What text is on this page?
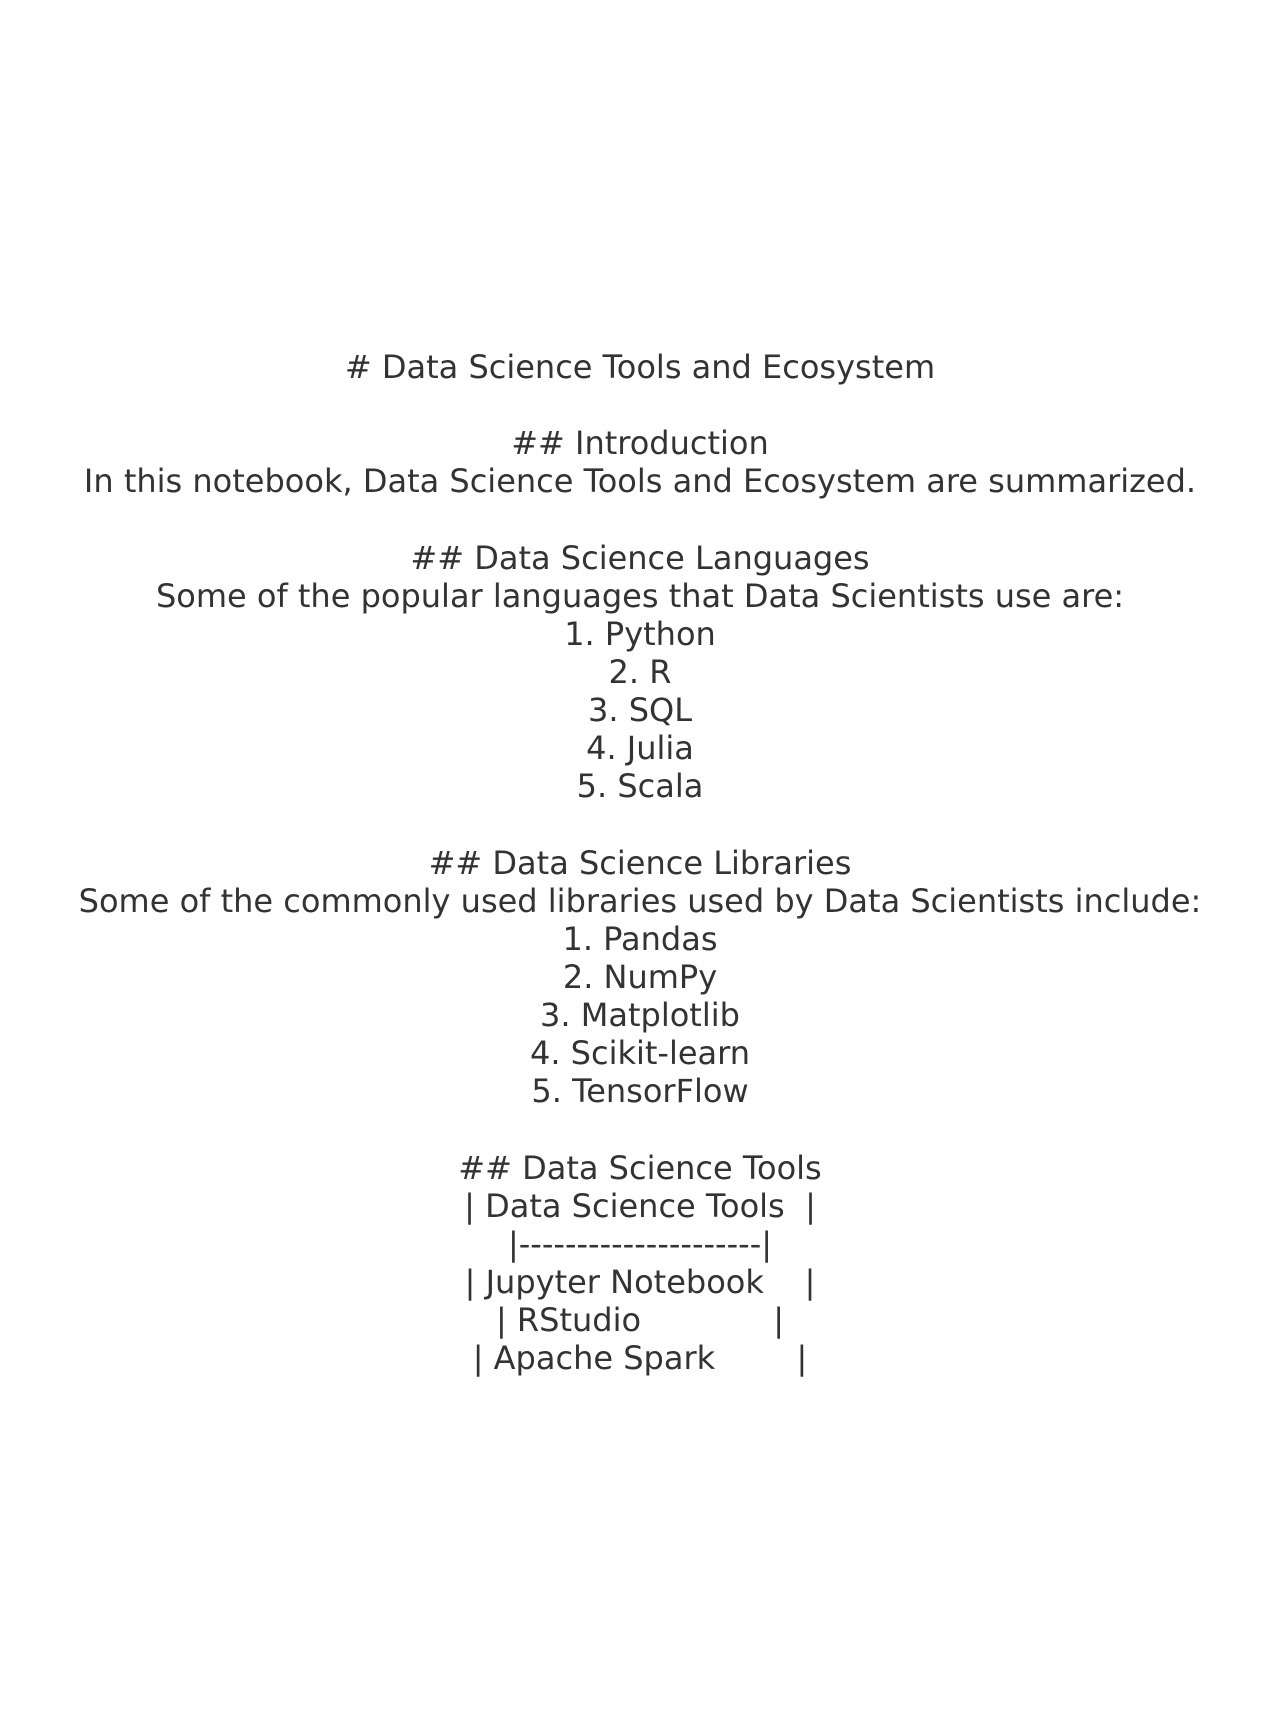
# Data Science Tools and Ecosystem
## Introduction

In this notebook, Data Science Tools and Ecosystem are summarized.

## Data Science Languages

Some of the popular languages that Data Scientists use are:

1. Python
2. R
3. SQL
4. Julia
5. Scala
## Data Science Libraries

Some of the commonly used libraries used by Data Scientists include:

1. Pandas
2. NumPy
3. Matplotlib
4. Scikit-learn
5. TensorFlow
## Data Science Tools
| Data Science Tools  |
|---------------------|
| Jupyter Notebook    |
| RStudio             |
| Apache Spark        |
